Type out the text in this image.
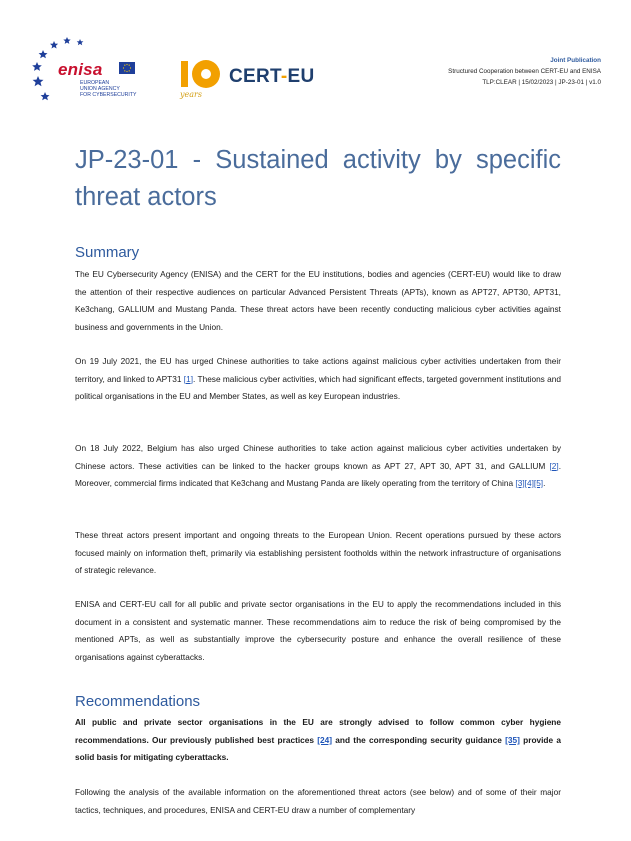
enisa
EUROPEAN
UNION AGENCY
FOR CYBERSECURITY	years
CERT-EU
Joint Publication
Structured Cooperation between CERT-EU and ENISA
TLP:CLEAR | 15/02/2023 | JP-23-01 | v1.0
JP-23-01 - Sustained activity by specific threat actors
Summary

The EU Cybersecurity Agency (ENISA) and the CERT for the EU institutions, bodies and agencies (CERT-EU) would like to draw the attention of their respective audiences on particular Advanced Persistent Threats (APTs), known as APT27, APT30, APT31, Ke3chang, GALLIUM and Mustang Panda. These threat actors have been recently conducting malicious cyber activities against business and governments in the Union.

On 19 July 2021, the EU has urged Chinese authorities to take actions against malicious cyber activities undertaken from their territory, and linked to APT31 [1]. These malicious cyber activities, which had significant effects, targeted government institutions and political organisations in the EU and Member States, as well as key European industries.

On 18 July 2022, Belgium has also urged Chinese authorities to take action against malicious cyber activities undertaken by Chinese actors. These activities can be linked to the hacker groups known as APT 27, APT 30, APT 31, and GALLIUM [2]. Moreover, commercial firms indicated that Ke3chang and Mustang Panda are likely operating from the territory of China [3][4][5].

These threat actors present important and ongoing threats to the European Union. Recent operations pursued by these actors focused mainly on information theft, primarily via establishing persistent footholds within the network infrastructure of organisations of strategic relevance.

ENISA and CERT-EU call for all public and private sector organisations in the EU to apply the recommendations included in this document in a consistent and systematic manner. These recommendations aim to reduce the risk of being compromised by the mentioned APTs, as well as substantially improve the cybersecurity posture and enhance the overall resilience of these organisations against cyberattacks.

Recommendations

All public and private sector organisations in the EU are strongly advised to follow common cyber hygiene recommendations. Our previously published best practices [24] and the corresponding security guidance [35] provide a solid basis for mitigating cyberattacks.

Following the analysis of the available information on the aforementioned threat actors (see below) and of some of their major tactics, techniques, and procedures, ENISA and CERT-EU draw a number of complementary
